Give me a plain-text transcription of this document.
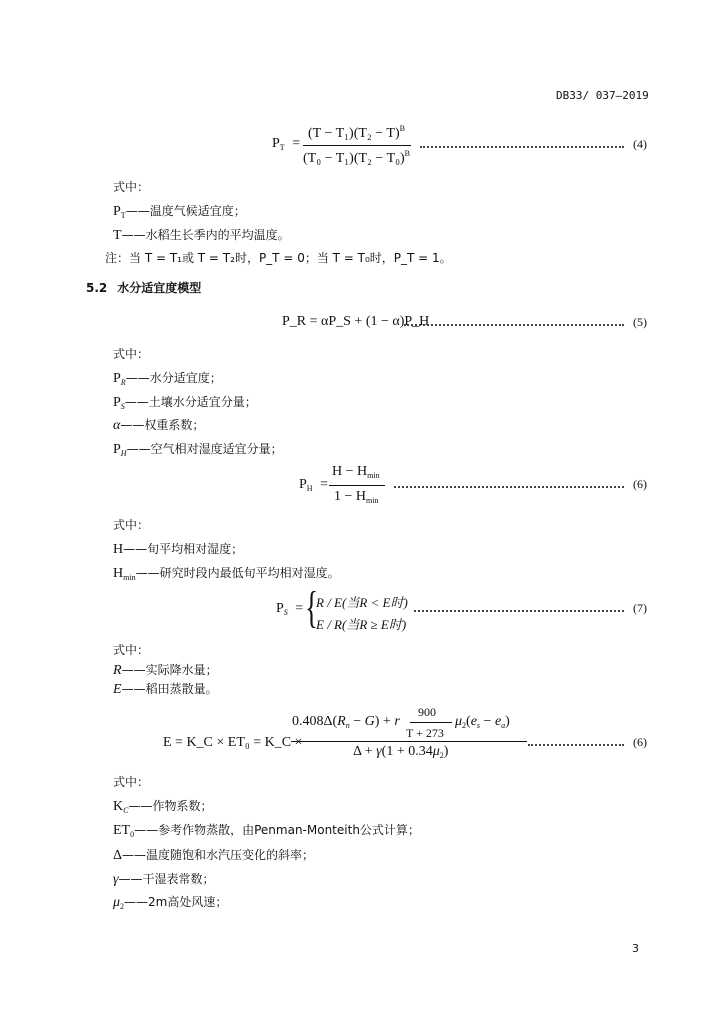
DB33/ 037—2019
$P_T$ =
$(T - T_1)(T_2 - T)^B$
$(T_0 - T_1)(T_2 - T_0)^B$
(4)
式中：
$P_T——$温度气候适宜度；
T——水稻生长季内的平均温度。
注：当 T = T₁或 T = T₂时，P_T = 0；当 T = T₀时，P_T = 1。
5.2 水分适宜度模型
P_R = αP_S + (1 − α)P_H	(5)
式中：
$P_R——$水分适宜度；
$P_S——$土壤水分适宜分量；
α——权重系数；
$P_H——$空气相对湿度适宜分量；
$P_H$ =
$H - H_{min}$
$1 - H_{min}$
(6)
式中：
H——旬平均相对湿度；
$H_{min}——$研究时段内最低旬平均相对湿度。
$P_S$ = {
R / E(当R < E时)
E / R(当R ≥ E时)
(7)
式中：
R——实际降水量；
E——稻田蒸散量。
E = K_C × ET₀ = K_C ×
$0.408\Delta(R_n - G) + r$
900
T + 273
$\mu_2(e_s - e_a)$
$\Delta + \gamma(1 + 0.34\mu_2)$
(6)
式中：
$K_C——$作物系数；
$ET_0——$参考作物蒸散，由Penman-Monteith公式计算；
Δ——温度随饱和水汽压变化的斜率；
γ——干湿表常数；
$\mu_2——2m$高处风速；
3
